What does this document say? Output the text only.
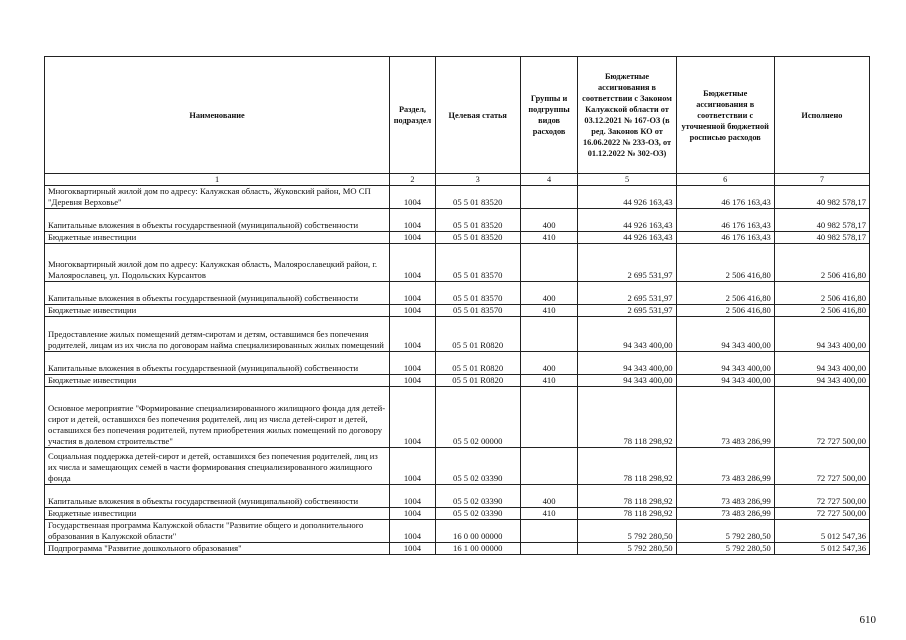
Наименование	Раздел, подраздел	Целевая статья	Группы и подгруппы видов расходов	Бюджетные ассигнования в соответствии с Законом Калужской области от 03.12.2021 № 167-ОЗ (в ред. Законов КО от 16.06.2022 № 233-ОЗ, от 01.12.2022 № 302-ОЗ)	Бюджетные ассигнования в соответствии с уточненной бюджетной росписью расходов	Исполнено
1	2	3	4	5	6	7
Многоквартирный жилой дом по адресу: Калужская область, Жуковский район, МО СП "Деревня Верховье"	1004	05 5 01 83520		44 926 163,43	46 176 163,43	40 982 578,17
Капитальные вложения в объекты государственной (муниципальной) собственности	1004	05 5 01 83520	400	44 926 163,43	46 176 163,43	40 982 578,17
Бюджетные инвестиции	1004	05 5 01 83520	410	44 926 163,43	46 176 163,43	40 982 578,17
Многоквартирный жилой дом по адресу: Калужская область, Малоярославецкий район, г. Малоярославец, ул. Подольских Курсантов	1004	05 5 01 83570		2 695 531,97	2 506 416,80	2 506 416,80
Капитальные вложения в объекты государственной (муниципальной) собственности	1004	05 5 01 83570	400	2 695 531,97	2 506 416,80	2 506 416,80
Бюджетные инвестиции	1004	05 5 01 83570	410	2 695 531,97	2 506 416,80	2 506 416,80
Предоставление жилых помещений детям-сиротам и детям, оставшимся без попечения родителей, лицам из их числа по договорам найма специализированных жилых помещений	1004	05 5 01 R0820		94 343 400,00	94 343 400,00	94 343 400,00
Капитальные вложения в объекты государственной (муниципальной) собственности	1004	05 5 01 R0820	400	94 343 400,00	94 343 400,00	94 343 400,00
Бюджетные инвестиции	1004	05 5 01 R0820	410	94 343 400,00	94 343 400,00	94 343 400,00
Основное мероприятие "Формирование специализированного жилищного фонда для детей-сирот и детей, оставшихся без попечения родителей, лиц из числа детей-сирот и детей, оставшихся без попечения родителей, путем приобретения жилых помещений по договору участия в долевом строительстве"	1004	05 5 02 00000		78 118 298,92	73 483 286,99	72 727 500,00
Социальная поддержка детей-сирот и детей, оставшихся без попечения родителей, лиц из их числа и замещающих семей в части формирования специализированного жилищного фонда	1004	05 5 02 03390		78 118 298,92	73 483 286,99	72 727 500,00
Капитальные вложения в объекты государственной (муниципальной) собственности	1004	05 5 02 03390	400	78 118 298,92	73 483 286,99	72 727 500,00
Бюджетные инвестиции	1004	05 5 02 03390	410	78 118 298,92	73 483 286,99	72 727 500,00
Государственная программа Калужской области "Развитие общего и дополнительного образования в Калужской области"	1004	16 0 00 00000		5 792 280,50	5 792 280,50	5 012 547,36
Подпрограмма "Развитие дошкольного образования"	1004	16 1 00 00000		5 792 280,50	5 792 280,50	5 012 547,36
610
